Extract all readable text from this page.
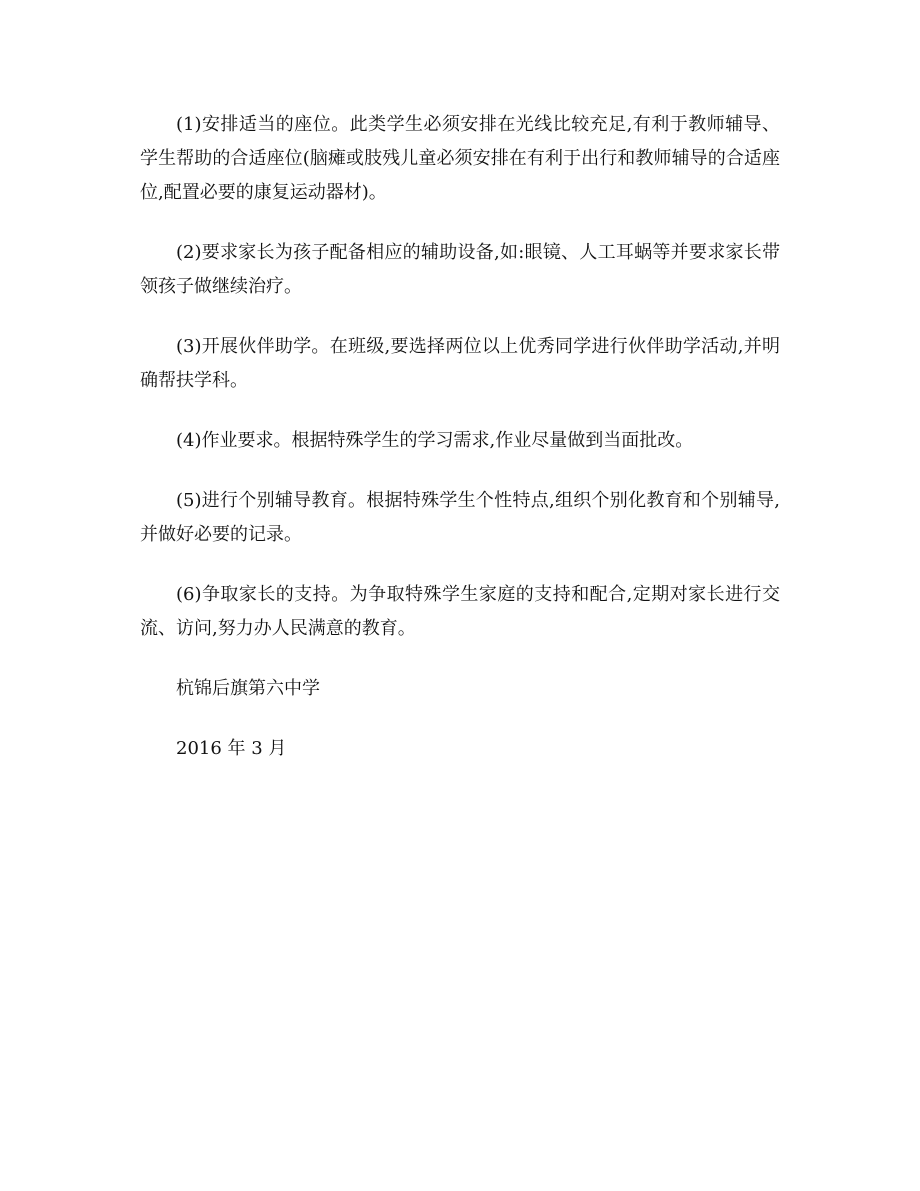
(1)安排适当的座位。此类学生必须安排在光线比较充足,有利于教师辅导、学生帮助的合适座位(脑瘫或肢残儿童必须安排在有利于出行和教师辅导的合适座位,配置必要的康复运动器材)。

(2)要求家长为孩子配备相应的辅助设备,如:眼镜、人工耳蜗等并要求家长带领孩子做继续治疗。

(3)开展伙伴助学。在班级,要选择两位以上优秀同学进行伙伴助学活动,并明确帮扶学科。

(4)作业要求。根据特殊学生的学习需求,作业尽量做到当面批改。

(5)进行个别辅导教育。根据特殊学生个性特点,组织个别化教育和个别辅导,并做好必要的记录。

(6)争取家长的支持。为争取特殊学生家庭的支持和配合,定期对家长进行交流、访问,努力办人民满意的教育。

杭锦后旗第六中学

2016 年 3 月
